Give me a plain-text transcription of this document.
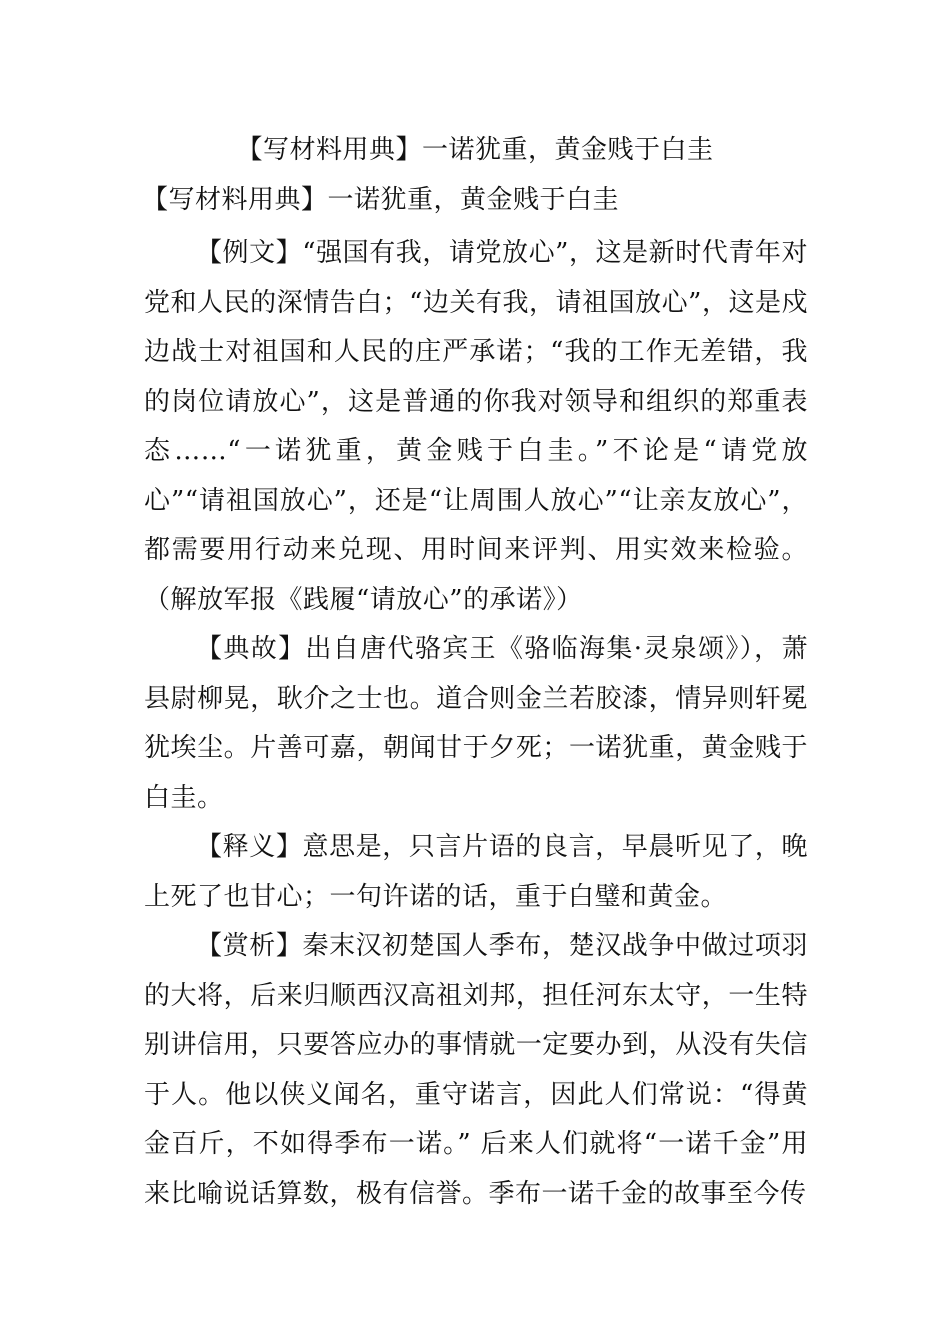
【写材料用典】一诺犹重，黄金贱于白圭
【写材料用典】一诺犹重，黄金贱于白圭

【例文】“强国有我，请党放心”，这是新时代青年对党和人民的深情告白；“边关有我，请祖国放心”，这是戍边战士对祖国和人民的庄严承诺；“我的工作无差错，我的岗位请放心”，这是普通的你我对领导和组织的郑重表态……“一诺犹重，黄金贱于白圭。”不论是“请党放心”“请祖国放心”，还是“让周围人放心”“让亲友放心”，都需要用行动来兑现、用时间来评判、用实效来检验。（解放军报《践履“请放心”的承诺》）

【典故】出自唐代骆宾王《骆临海集·灵泉颂》），萧县尉柳晃，耿介之士也。道合则金兰若胶漆，情异则轩冕犹埃尘。片善可嘉，朝闻甘于夕死；一诺犹重，黄金贱于白圭。

【释义】意思是，只言片语的良言，早晨听见了，晚上死了也甘心；一句许诺的话，重于白璧和黄金。

【赏析】秦末汉初楚国人季布，楚汉战争中做过项羽的大将，后来归顺西汉高祖刘邦，担任河东太守，一生特别讲信用，只要答应办的事情就一定要办到，从没有失信于人。他以侠义闻名，重守诺言，因此人们常说：“得黄金百斤，不如得季布一诺。” 后来人们就将“一诺千金”用来比喻说话算数，极有信誉。季布一诺千金的故事至今传
